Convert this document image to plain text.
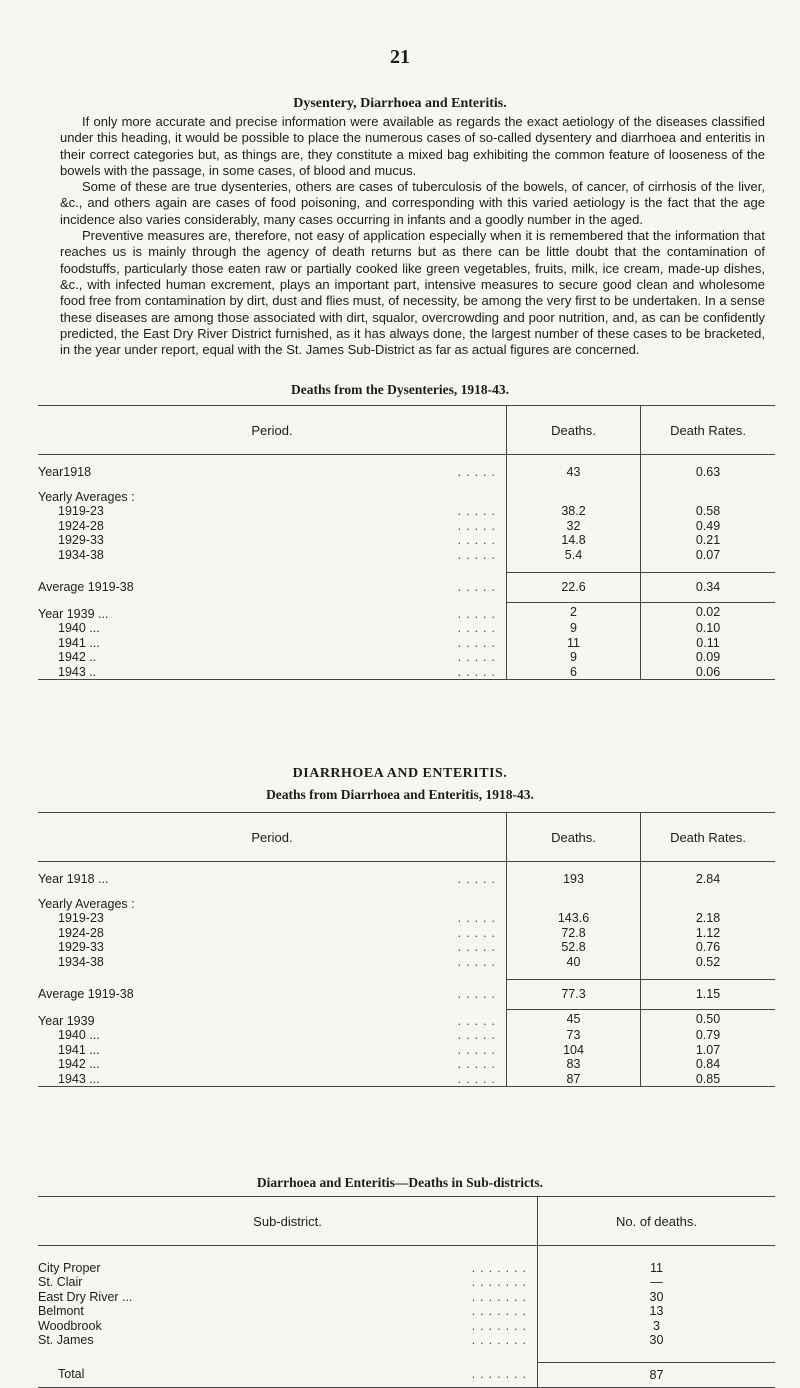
21
Dysentery, Diarrhoea and Enteritis.

If only more accurate and precise information were available as regards the exact aetiology of the diseases classified under this heading, it would be possible to place the numerous cases of so-called dysentery and diarrhoea and enteritis in their correct categories but, as things are, they constitute a mixed bag exhibiting the common feature of looseness of the bowels with the passage, in some cases, of blood and mucus.

Some of these are true dysenteries, others are cases of tuberculosis of the bowels, of cancer, of cirrhosis of the liver, &c., and others again are cases of food poisoning, and corresponding with this varied aetiology is the fact that the age incidence also varies considerably, many cases occurring in infants and a goodly number in the aged.

Preventive measures are, therefore, not easy of application especially when it is remembered that the information that reaches us is mainly through the agency of death returns but as there can be little doubt that the contamination of foodstuffs, particularly those eaten raw or partially cooked like green vegetables, fruits, milk, ice cream, made-up dishes, &c., with infected human excrement, plays an important part, intensive measures to secure good clean and wholesome food free from contamination by dirt, dust and flies must, of necessity, be among the very first to be undertaken. In a sense these diseases are among those associated with dirt, squalor, overcrowding and poor nutrition, and, as can be confidently predicted, the East Dry River District furnished, as it has always done, the largest number of these cases to be bracketed, in the year under report, equal with the St. James Sub-District as far as actual figures are concerned.

Deaths from the Dysenteries, 1918-43.
Period.	Deaths.	Death Rates.

Year1918 .....	43	0.63

Yearly Averages :		
1919-23 .....	38.2	0.58
1924-28 .....	32	0.49
1929-33 .....	14.8	0.21
1934-38 .....	5.4	0.07

Average 1919-38 .....	22.6	0.34
Year 1939 ... .....	2	0.02
1940 ... .....	9	0.10
1941 ... .....	11	0.11
1942 .. .....	9	0.09
1943 .. .....	6	0.06
DIARRHOEA AND ENTERITIS.
Deaths from Diarrhoea and Enteritis, 1918-43.
Period.	Deaths.	Death Rates.

Year 1918 ... .....	193	2.84

Yearly Averages :		
1919-23 .....	143.6	2.18
1924-28 .....	72.8	1.12
1929-33 .....	52.8	0.76
1934-38 .....	40	0.52

Average 1919-38 .....	77.3	1.15
Year 1939 .....	45	0.50
1940 ... .....	73	0.79
1941 ... .....	104	1.07
1942 ... .....	83	0.84
1943 ... .....	87	0.85
Diarrhoea and Enteritis—Deaths in Sub-districts.
Sub-district.	No. of deaths.

City Proper .......	11
St. Clair .......	—
East Dry River ... .......	30
Belmont .......	13
Woodbrook .......	3
St. James .......	30

Total .......	87
